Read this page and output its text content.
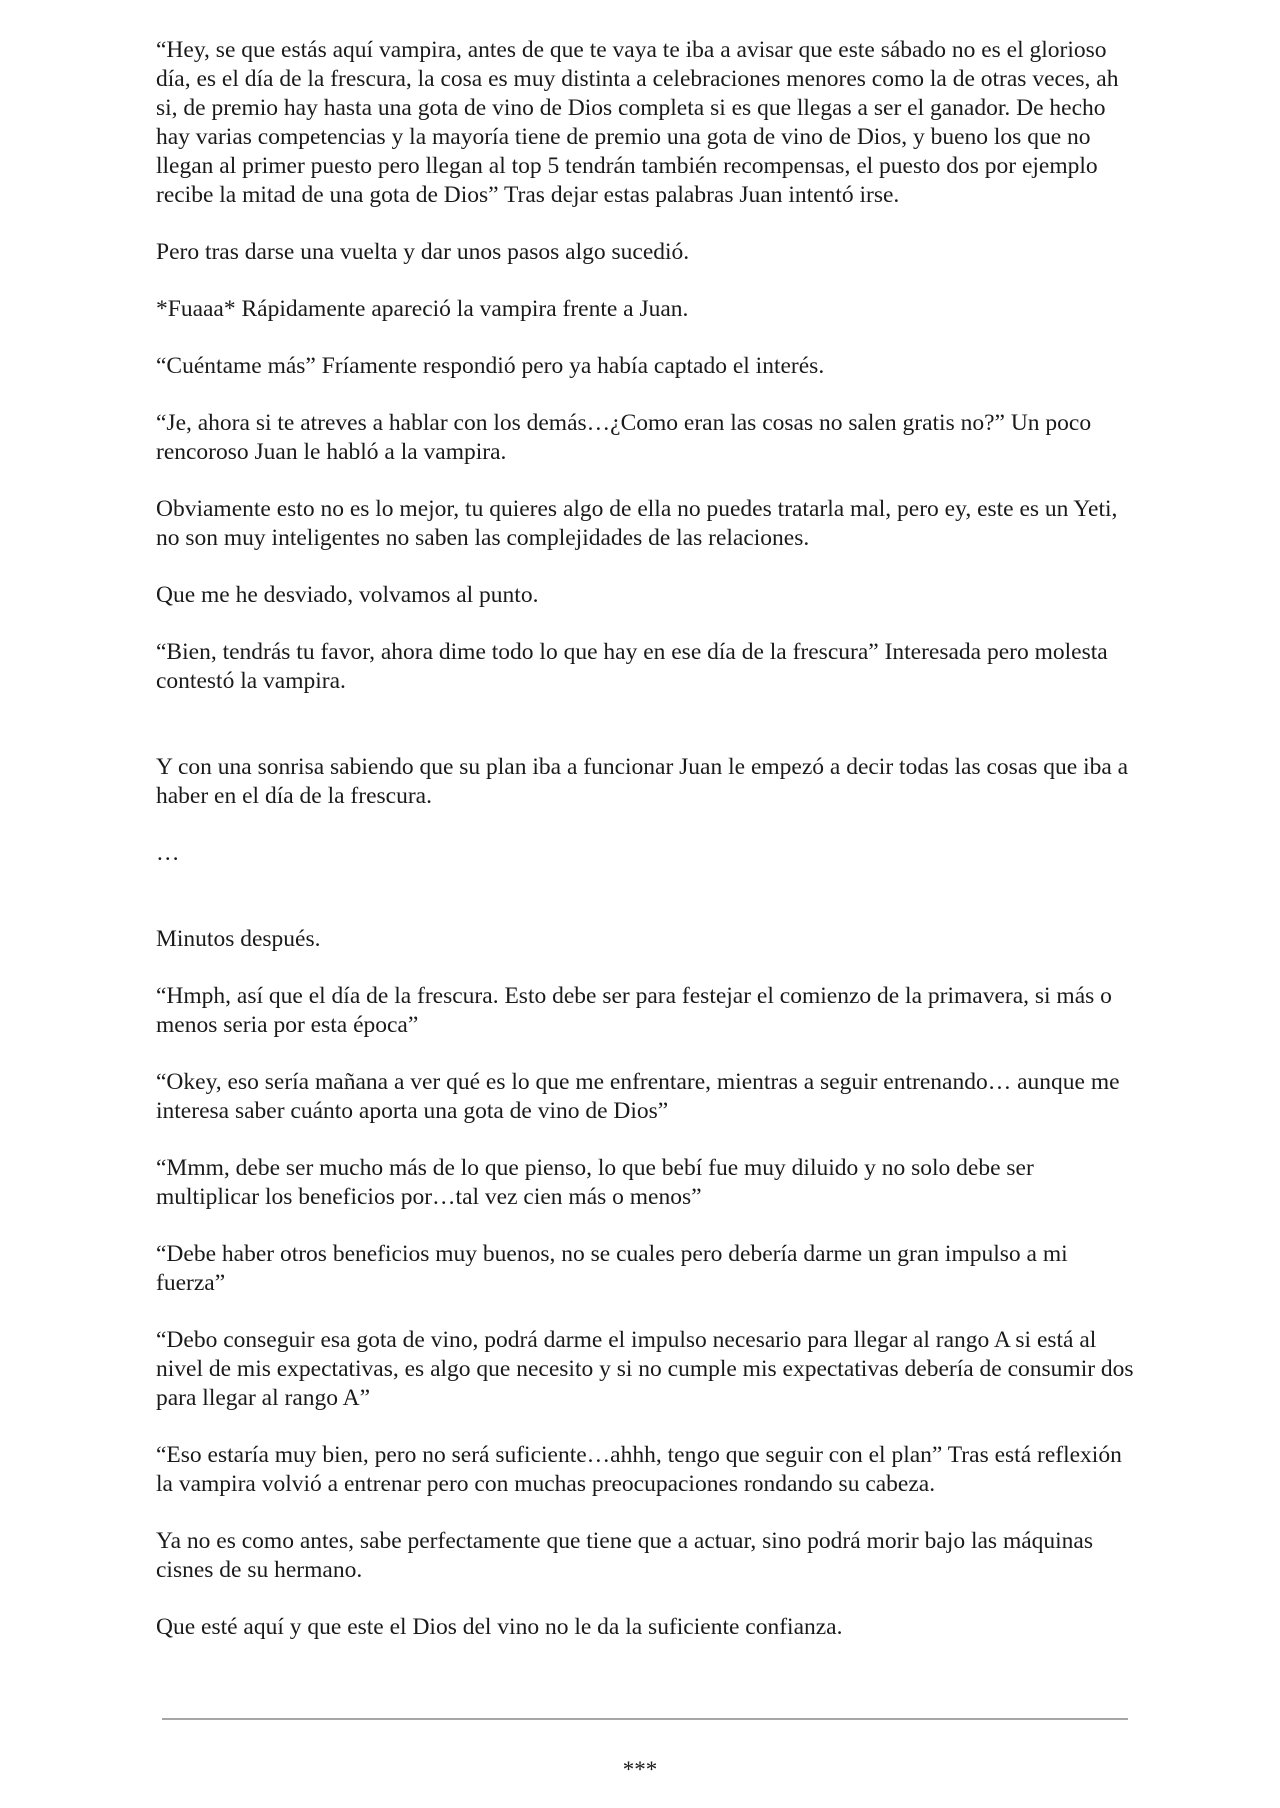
“Hey, se que estás aquí vampira, antes de que te vaya te iba a avisar que este sábado no es el glorioso día, es el día de la frescura, la cosa es muy distinta a celebraciones menores como la de otras veces, ah si, de premio hay hasta una gota de vino de Dios completa si es que llegas a ser el ganador. De hecho hay varias competencias y la mayoría tiene de premio una gota de vino de Dios, y bueno los que no llegan al primer puesto pero llegan al top 5 tendrán también recompensas, el puesto dos por ejemplo recibe la mitad de una gota de Dios” Tras dejar estas palabras Juan intentó irse.

Pero tras darse una vuelta y dar unos pasos algo sucedió.

*Fuaaa* Rápidamente apareció la vampira frente a Juan.

“Cuéntame más” Fríamente respondió pero ya había captado el interés.

“Je, ahora si te atreves a hablar con los demás…¿Como eran las cosas no salen gratis no?” Un poco rencoroso Juan le habló a la vampira.

Obviamente esto no es lo mejor, tu quieres algo de ella no puedes tratarla mal, pero ey, este es un Yeti, no son muy inteligentes no saben las complejidades de las relaciones.

Que me he desviado, volvamos al punto.

“Bien, tendrás tu favor, ahora dime todo lo que hay en ese día de la frescura” Interesada pero molesta contestó la vampira.

Y con una sonrisa sabiendo que su plan iba a funcionar Juan le empezó a decir todas las cosas que iba a haber en el día de la frescura.

…

Minutos después.

“Hmph, así que el día de la frescura. Esto debe ser para festejar el comienzo de la primavera, si más o menos seria por esta época”

“Okey, eso sería mañana a ver qué es lo que me enfrentare, mientras a seguir entrenando… aunque me interesa saber cuánto aporta una gota de vino de Dios”

“Mmm, debe ser mucho más de lo que pienso, lo que bebí fue muy diluido y no solo debe ser multiplicar los beneficios por…tal vez cien más o menos”

“Debe haber otros beneficios muy buenos, no se cuales pero debería darme un gran impulso a mi fuerza”

“Debo conseguir esa gota de vino, podrá darme el impulso necesario para llegar al rango A si está al nivel de mis expectativas, es algo que necesito y si no cumple mis expectativas debería de consumir dos para llegar al rango A”

“Eso estaría muy bien, pero no será suficiente…ahhh, tengo que seguir con el plan” Tras está reflexión la vampira volvió a entrenar pero con muchas preocupaciones rondando su cabeza.

Ya no es como antes, sabe perfectamente que tiene que a actuar, sino podrá morir bajo las máquinas cisnes de su hermano.

Que esté aquí y que este el Dios del vino no le da la suficiente confianza.

***
